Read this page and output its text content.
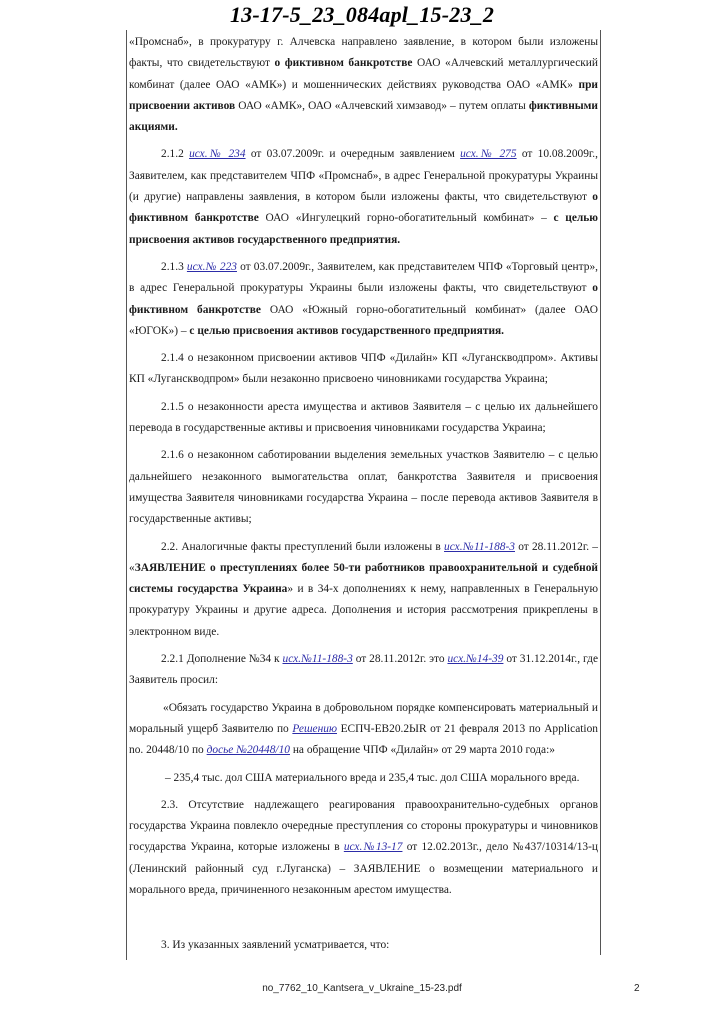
13-17-5_23_084apl_15-23_2

«Промснаб», в прокуратуру г. Алчевска направлено заявление, в котором были изложены факты, что свидетельствуют о фиктивном банкротстве ОАО «Алчевский металлургический комбинат (далее ОАО «АМК») и мошеннических действиях руководства ОАО «АМК» при присвоении активов ОАО «АМК», ОАО «Алчевский химзавод» – путем оплаты фиктивными акциями.

2.1.2 исх.№ 234 от 03.07.2009г. и очередным заявлением исх.№ 275 от 10.08.2009г., Заявителем, как представителем ЧПФ «Промснаб», в адрес Генеральной прокуратуры Украины (и другие) направлены заявления, в котором были изложены факты, что свидетельствуют о фиктивном банкротстве ОАО «Ингулецкий горно-обогатительный комбинат» – с целью присвоения активов государственного предприятия.

2.1.3 исх.№ 223 от 03.07.2009г., Заявителем, как представителем ЧПФ «Торговый центр», в адрес Генеральной прокуратуры Украины были изложены факты, что свидетельствуют о фиктивном банкротстве ОАО «Южный горно-обогатительный комбинат» (далее ОАО «ЮГОК») – с целью присвоения активов государственного предприятия.

2.1.4 о незаконном присвоении активов ЧПФ «Дилайн» КП «Луганскводпром». Активы КП «Луганскводпром» были незаконно присвоено чиновниками государства Украина;

2.1.5 о незаконности ареста имущества и активов Заявителя – с целью их дальнейшего перевода в государственные активы и присвоения чиновниками государства Украина;

2.1.6 о незаконном саботировании выделения земельных участков Заявителю – с целью дальнейшего незаконного вымогательства оплат, банкротства Заявителя и присвоения имущества Заявителя чиновниками государства Украина – после перевода активов Заявителя в государственные активы;

2.2. Аналогичные факты преступлений были изложены в исх.№11-188-3 от 28.11.2012г. – «ЗАЯВЛЕНИЕ о преступлениях более 50-ти работников правоохранительной и судебной системы государства Украина» и в 34-х дополнениях к нему, направленных в Генеральную прокуратуру Украины и другие адреса. Дополнения и история рассмотрения прикреплены в электронном виде.

2.2.1 Дополнение №34 к исх.№11-188-3 от 28.11.2012г. это исх.№14-39 от 31.12.2014г., где Заявитель просил:

«Обязать государство Украина в добровольном порядке компенсировать материальный и моральный ущерб Заявителю по Решению ЕСПЧ-ЕВ20.2ЫR от 21 февраля 2013 по Application no. 20448/10 по досье №20448/10 на обращение ЧПФ «Дилайн» от 29 марта 2010 года:»

– 235,4 тыс. дол США материального вреда и 235,4 тыс. дол США морального вреда.

2.3. Отсутствие надлежащего реагирования правоохранительно-судебных органов государства Украина повлекло очередные преступления со стороны прокуратуры и чиновников государства Украина, которые изложены в исх.№13-17 от 12.02.2013г., дело №437/10314/13-ц (Ленинский районный суд г.Луганска) – ЗАЯВЛЕНИЕ о возмещении материального и морального вреда, причиненного незаконным арестом имущества.

3. Из указанных заявлений усматривается, что:

no_7762_10_Kantsera_v_Ukraine_15-23.pdf	2
